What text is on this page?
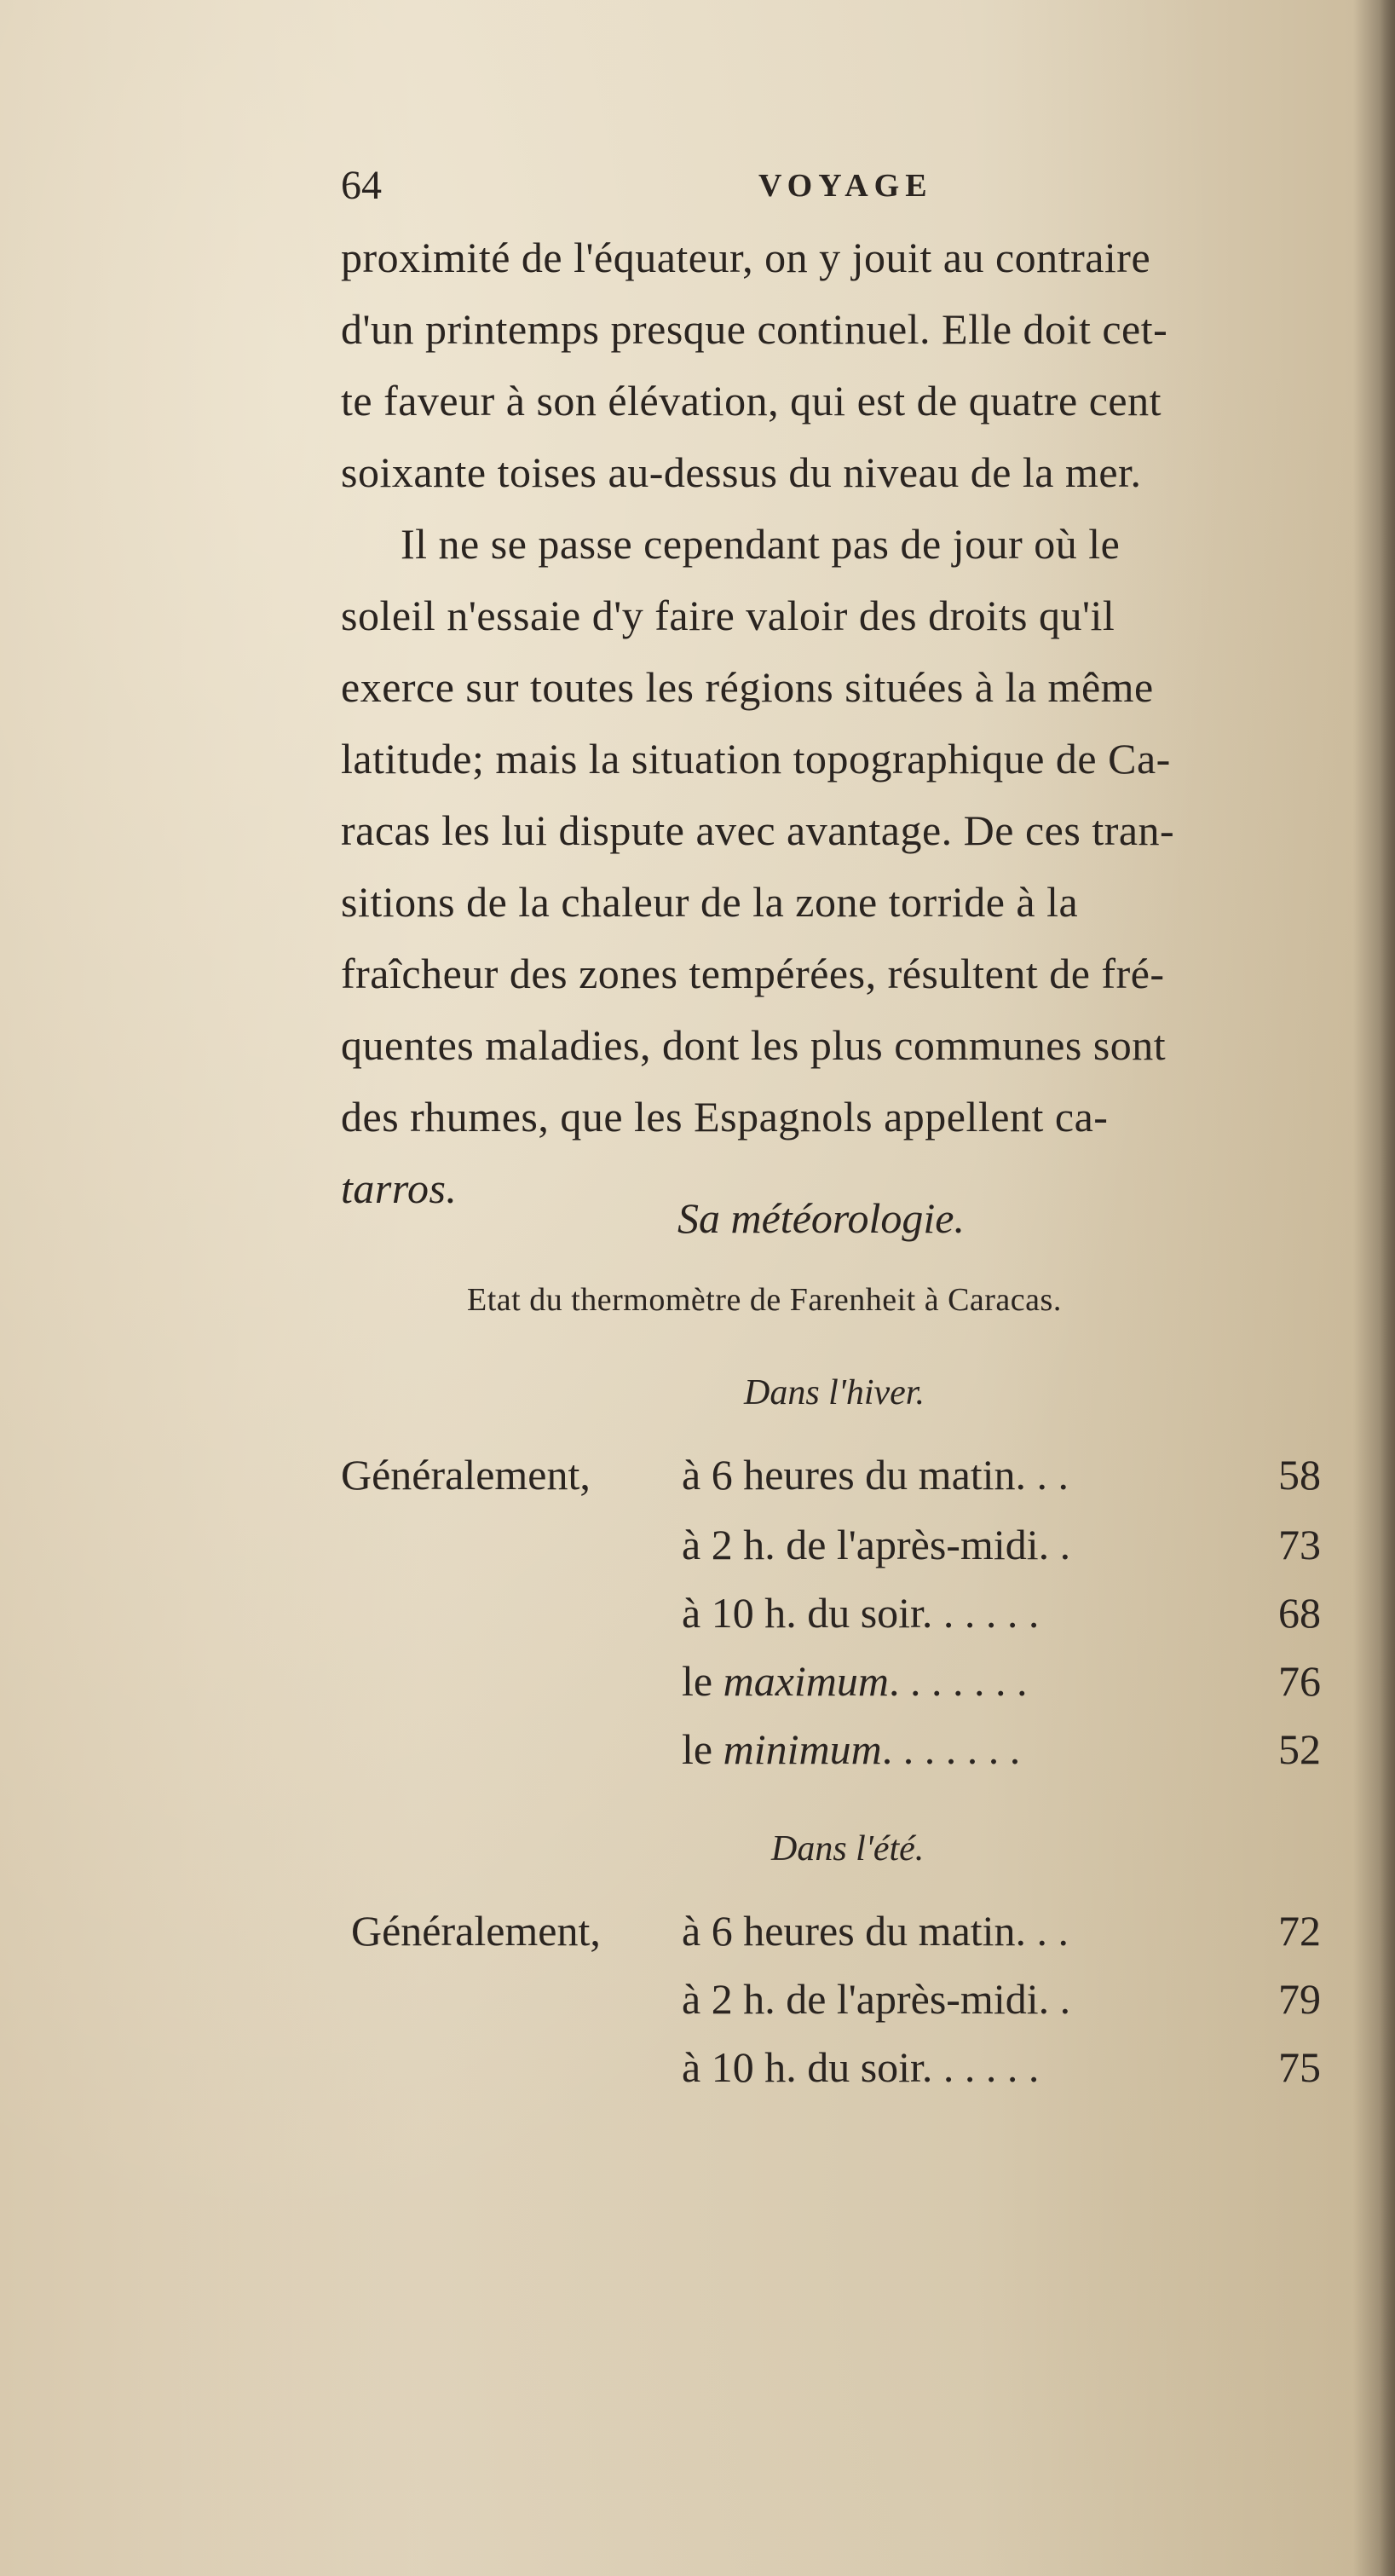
64	VOYAGE
proximité de l'équateur, on y jouit au contraire
d'un printemps presque continuel. Elle doit cet-
te faveur à son élévation, qui est de quatre cent
soixante toises au-dessus du niveau de la mer.
Il ne se passe cependant pas de jour où le
soleil n'essaie d'y faire valoir des droits qu'il
exerce sur toutes les régions situées à la même
latitude; mais la situation topographique de Ca-
racas les lui dispute avec avantage. De ces tran-
sitions de la chaleur de la zone torride à la
fraîcheur des zones tempérées, résultent de fré-
quentes maladies, dont les plus communes sont
des rhumes, que les Espagnols appellent ca-
tarros.
Sa météorologie.
Etat du thermomètre de Farenheit à Caracas.
Dans l'hiver.
Généralement, à 6 heures du matin. . .	58
à 2 h. de l'après-midi. .	73
à 10 h. du soir. . . . . .	68
le maximum. . . . . . .	76
le minimum. . . . . . .	52
Dans l'été.
Généralement, à 6 heures du matin. . .	72
à 2 h. de l'après-midi. .	79
à 10 h. du soir. . . . . .	75
